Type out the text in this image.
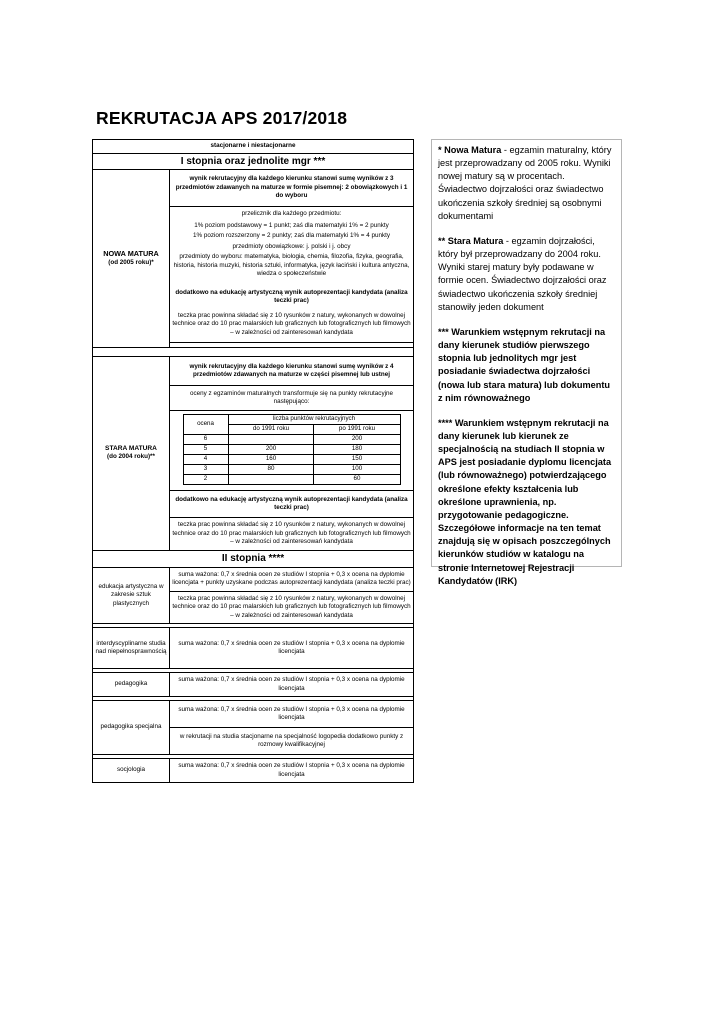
REKRUTACJA APS 2017/2018
stacjonarne i niestacjonarne
I stopnia oraz jednolite mgr ***

NOWA MATURA
(od 2005 roku)*
	wynik rekrutacyjny dla każdego kierunku stanowi sumę wyników z 3 przedmiotów zdawanych na maturze w formie pisemnej: 2 obowiązkowych i 1 do wyboru

przelicznik dla każdego przedmiotu:
1% poziom podstawowy = 1 punkt; zaś dla matematyki 1% = 2 punkty
1% poziom rozszerzony = 2 punkty; zaś dla matematyki 1% = 4 punkty
przedmioty obowiązkowe: j. polski i j. obcy
przedmioty do wyboru: matematyka, biologia, chemia, filozofia, fizyka, geografia, historia, historia muzyki, historia sztuki, informatyka, język łaciński i kultura antyczna, wiedza o społeczeństwie
dodatkowo na edukację artystyczną wynik autoprezentacji kandydata (analiza teczki prac)
teczka prac powinna składać się z 10 rysunków z natury, wykonanych w dowolnej technice oraz do 10 prac malarskich lub graficznych lub fotograficznych lub filmowych – w zależności od zainteresowań kandydata

STARA MATURA
(do 2004 roku)**
	wynik rekrutacyjny dla każdego kierunku stanowi sumę wyników z 4 przedmiotów zdawanych na maturze w części pisemnej lub ustnej
oceny z egzaminów maturalnych transformuje się na punkty rekrutacyjne następująco:

ocena	liczba punktów rekrutacyjnych
do 1991 roku	po 1991 roku
6		200
5	200	180
4	160	150
3	80	100
2		60

dodatkowo na edukację artystyczną wynik autoprezentacji kandydata (analiza teczki prac)
teczka prac powinna składać się z 10 rysunków z natury, wykonanych w dowolnej technice oraz do 10 prac malarskich lub graficznych lub fotograficznych lub filmowych – w zależności od zainteresowań kandydata
II stopnia ****
edukacja artystyczna w zakresie sztuk plastycznych	suma ważona: 0,7 x średnia ocen ze studiów I stopnia + 0,3 x ocena na dyplomie licencjata + punkty uzyskane podczas autoprezentacji kandydata (analiza teczki prac)
teczka prac powinna składać się z 10 rysunków z natury, wykonanych w dowolnej technice oraz do 10 prac malarskich lub graficznych lub fotograficznych lub filmowych – w zależności od zainteresowań kandydata

interdyscyplinarne studia nad niepełnosprawnością	suma ważona: 0,7 x średnia ocen ze studiów I stopnia + 0,3 x ocena na dyplomie licencjata

pedagogika	suma ważona: 0,7 x średnia ocen ze studiów I stopnia + 0,3 x ocena na dyplomie licencjata

pedagogika specjalna	suma ważona: 0,7 x średnia ocen ze studiów I stopnia + 0,3 x ocena na dyplomie licencjata
w rekrutacji na studia stacjonarne na specjalność logopedia dodatkowo punkty z rozmowy kwalifikacyjnej

socjologia	suma ważona: 0,7 x średnia ocen ze studiów I stopnia + 0,3 x ocena na dyplomie licencjata

* Nowa Matura - egzamin maturalny, który jest przeprowadzany od 2005 roku. Wyniki nowej matury są w procentach. Świadectwo dojrzałości oraz świadectwo ukończenia szkoły średniej są osobnymi dokumentami

** Stara Matura - egzamin dojrzałości, który był przeprowadzany do 2004 roku. Wyniki starej matury były podawane w formie ocen. Świadectwo dojrzałości oraz świadectwo ukończenia szkoły średniej stanowiły jeden dokument

*** Warunkiem wstępnym rekrutacji na dany kierunek studiów pierwszego stopnia lub jednolitych mgr jest posiadanie świadectwa dojrzałości (nowa lub stara matura) lub dokumentu z nim równoważnego

**** Warunkiem wstępnym rekrutacji na dany kierunek lub kierunek ze specjalnością na studiach II stopnia w APS jest posiadanie dyplomu licencjata (lub równoważnego) potwierdzającego określone efekty kształcenia lub określone uprawnienia, np. przygotowanie pedagogiczne. Szczegółowe informacje na ten temat znajdują się w opisach poszczególnych kierunków studiów w katalogu na stronie Internetowej Rejestracji Kandydatów (IRK)
